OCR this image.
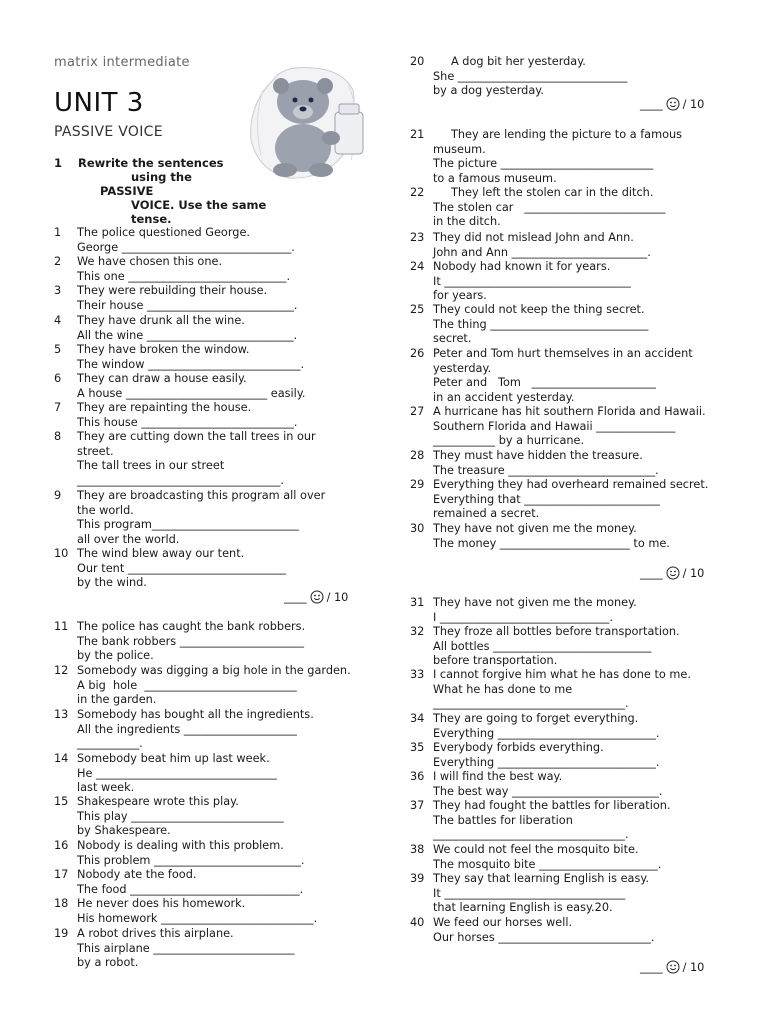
matrix intermediate
UNIT 3
PASSIVE VOICE
1 Rewrite the sentences
using the
PASSIVE
VOICE. Use the same
tense.
1	The police questioned George.
George ______________________________.
2	We have chosen this one.
This one ____________________________.
3	They were rebuilding their house.
Their house __________________________.
4	They have drunk all the wine.
All the wine __________________________.
5	They have broken the window.
The window ___________________________.
6	They can draw a house easily.
A house _________________________ easily.
7	They are repainting the house.
This house ___________________________.
8	They are cutting down the tall trees in our
street.
The tall trees in our street
____________________________________.
9	They are broadcasting this program all over
the world.
This program__________________________
all over the world.
10 The wind blew away our tent.
Our tent ____________________________
by the wind.
11 The police has caught the bank robbers.
The bank robbers ______________________
by the police.
12 Somebody was digging a big hole in the garden.
A big  hole  ___________________________
in the garden.
13 Somebody has bought all the ingredients.
All the ingredients ____________________
___________.
14 Somebody beat him up last week.
He ________________________________
last week.
15 Shakespeare wrote this play.
This play ___________________________
by Shakespeare.
16 Nobody is dealing with this problem.
This problem __________________________.
17 Nobody ate the food.
The food ______________________________.
18 He never does his homework.
His homework ___________________________.
19 A robot drives this airplane.
This airplane _________________________
by a robot.
20 A dog bit her yesterday.
She ______________________________
by a dog yesterday.
21 They are lending the picture to a famous
museum.
The picture ___________________________
to a famous museum.
22 They left the stolen car in the ditch.
The stolen car   _________________________
in the ditch.
23 They did not mislead John and Ann.
John and Ann ________________________.
24 Nobody had known it for years.
It _________________________________
for years.
25 They could not keep the thing secret.
The thing ____________________________
secret.
26 Peter and Tom hurt themselves in an accident
yesterday.
Peter and   Tom   ______________________
in an accident yesterday.
27 A hurricane has hit southern Florida and Hawaii.
Southern Florida and Hawaii ______________
___________ by a hurricane.
28 They must have hidden the treasure.
The treasure __________________________.
29 Everything they had overheard remained secret.
Everything that ________________________
remained a secret.
30 They have not given me the money.
The money _______________________ to me.
31 They have not given me the money.
I ______________________________.
32 They froze all bottles before transportation.
All bottles ____________________________
before transportation.
33 I cannot forgive him what he has done to me.
What he has done to me
__________________________________.
34 They are going to forget everything.
Everything ____________________________.
35 Everybody forbids everything.
Everything ____________________________.
36 I will find the best way.
The best way __________________________.
37 They had fought the battles for liberation.
The battles for liberation
__________________________________.
38 We could not feel the mosquito bite.
The mosquito bite _____________________.
39 They say that learning English is easy.
It ________________________________
that learning English is easy.20.
40 We feed our horses well.
Our horses ___________________________.
____ / 10
____ / 10
____ / 10
____ / 10
